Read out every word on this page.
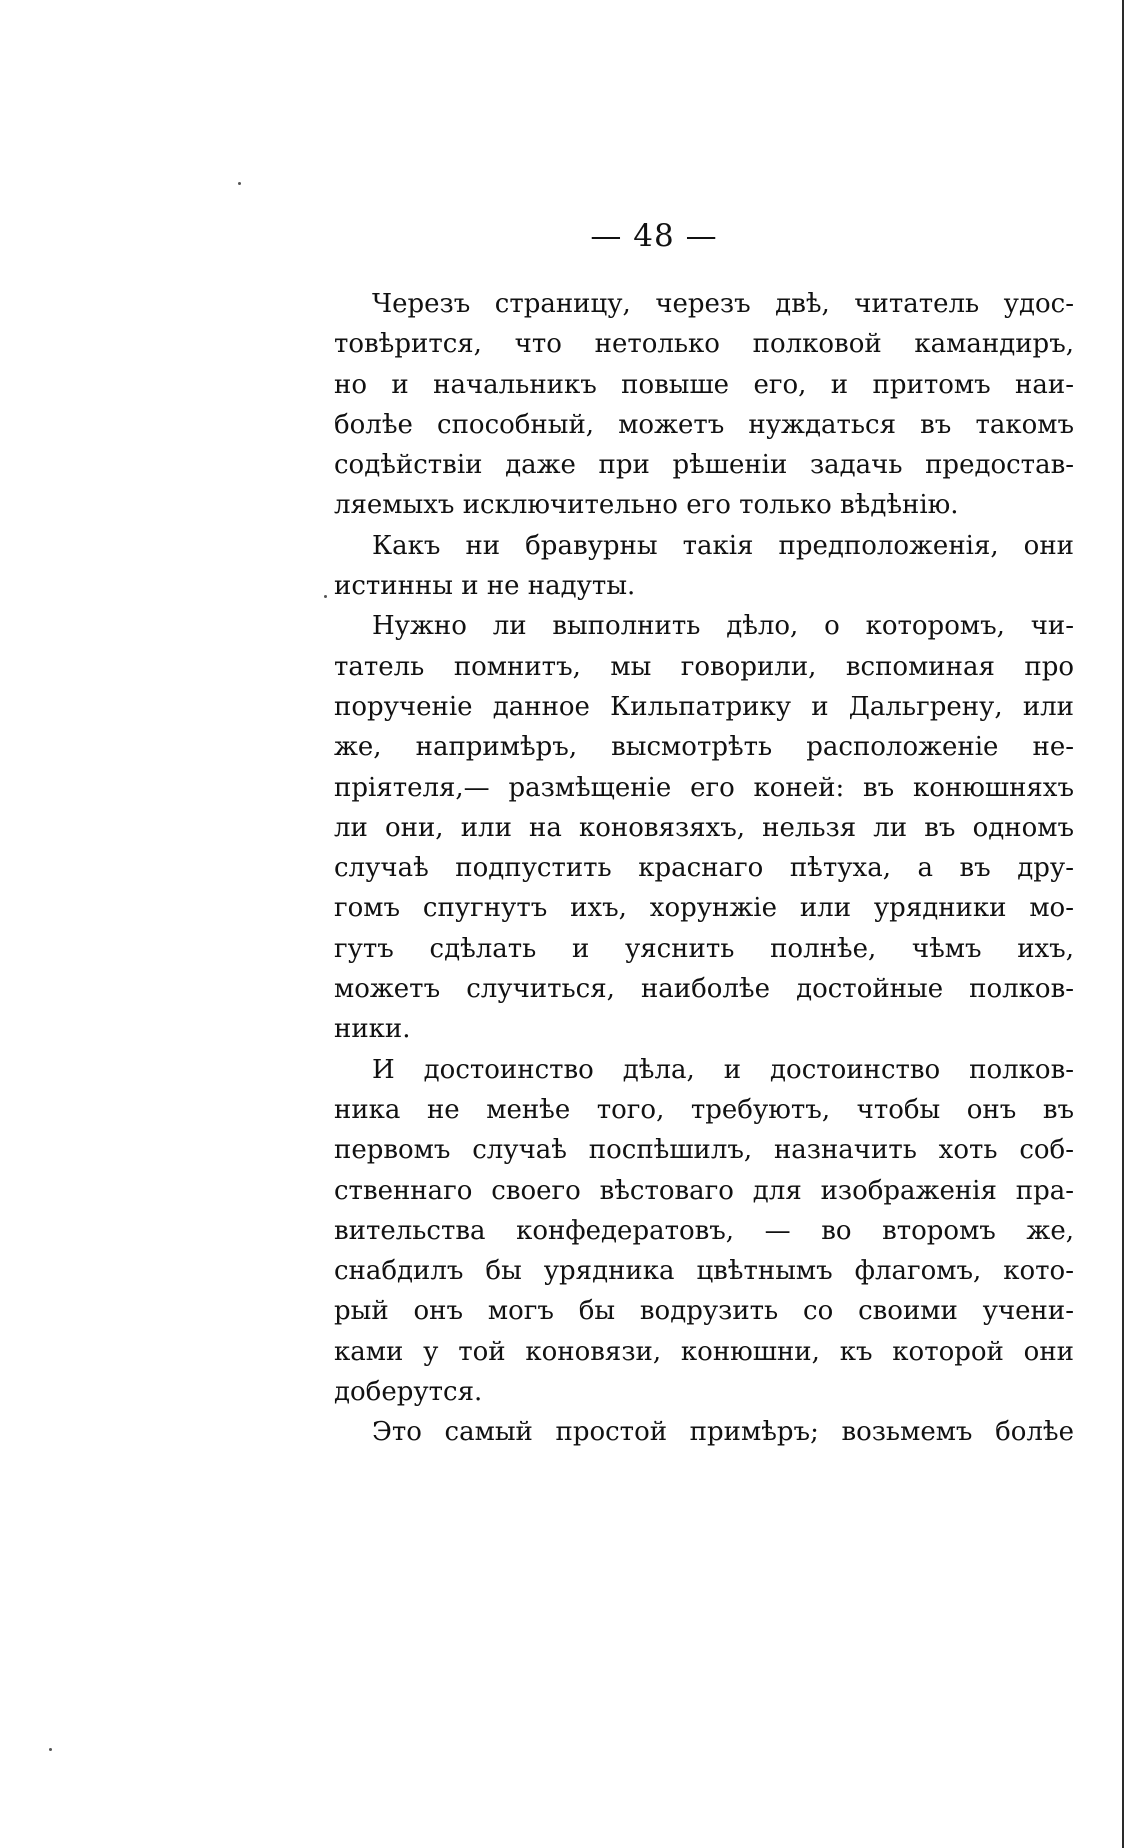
— 48 —
Черезъ страницу, черезъ двѣ, читатель удос-
товѣрится, что нетолько полковой камандиръ,
но и начальникъ повыше его, и притомъ наи-
болѣе способный, можетъ нуждаться въ такомъ
содѣйствіи даже при рѣшеніи задачь предостав-
ляемыхъ исключительно его только вѣдѣнію.
Какъ ни бравурны такія предположенія, они
истинны и не надуты.
Нужно ли выполнить дѣло, о которомъ, чи-
татель помнитъ, мы говорили, вспоминая про
порученіе данное Кильпатрику и Дальгрену, или
же, напримѣръ, высмотрѣть расположеніе не-
пріятеля,— размѣщеніе его коней: въ конюшняхъ
ли они, или на коновязяхъ, нельзя ли въ одномъ
случаѣ подпустить краснаго пѣтуха, а въ дру-
гомъ спугнутъ ихъ, хорунжіе или урядники мо-
гутъ сдѣлать и уяснить полнѣе, чѣмъ ихъ,
можетъ случиться, наиболѣе достойные полков-
ники.
И достоинство дѣла, и достоинство полков-
ника не менѣе того, требуютъ, чтобы онъ въ
первомъ случаѣ поспѣшилъ, назначить хоть соб-
ственнаго своего вѣстоваго для изображенія пра-
вительства конфедератовъ, — во второмъ же,
снабдилъ бы урядника цвѣтнымъ флагомъ, кото-
рый онъ могъ бы водрузить со своими учени-
ками у той коновязи, конюшни, къ которой они
доберутся.
Это самый простой примѣръ; возьмемъ болѣе
